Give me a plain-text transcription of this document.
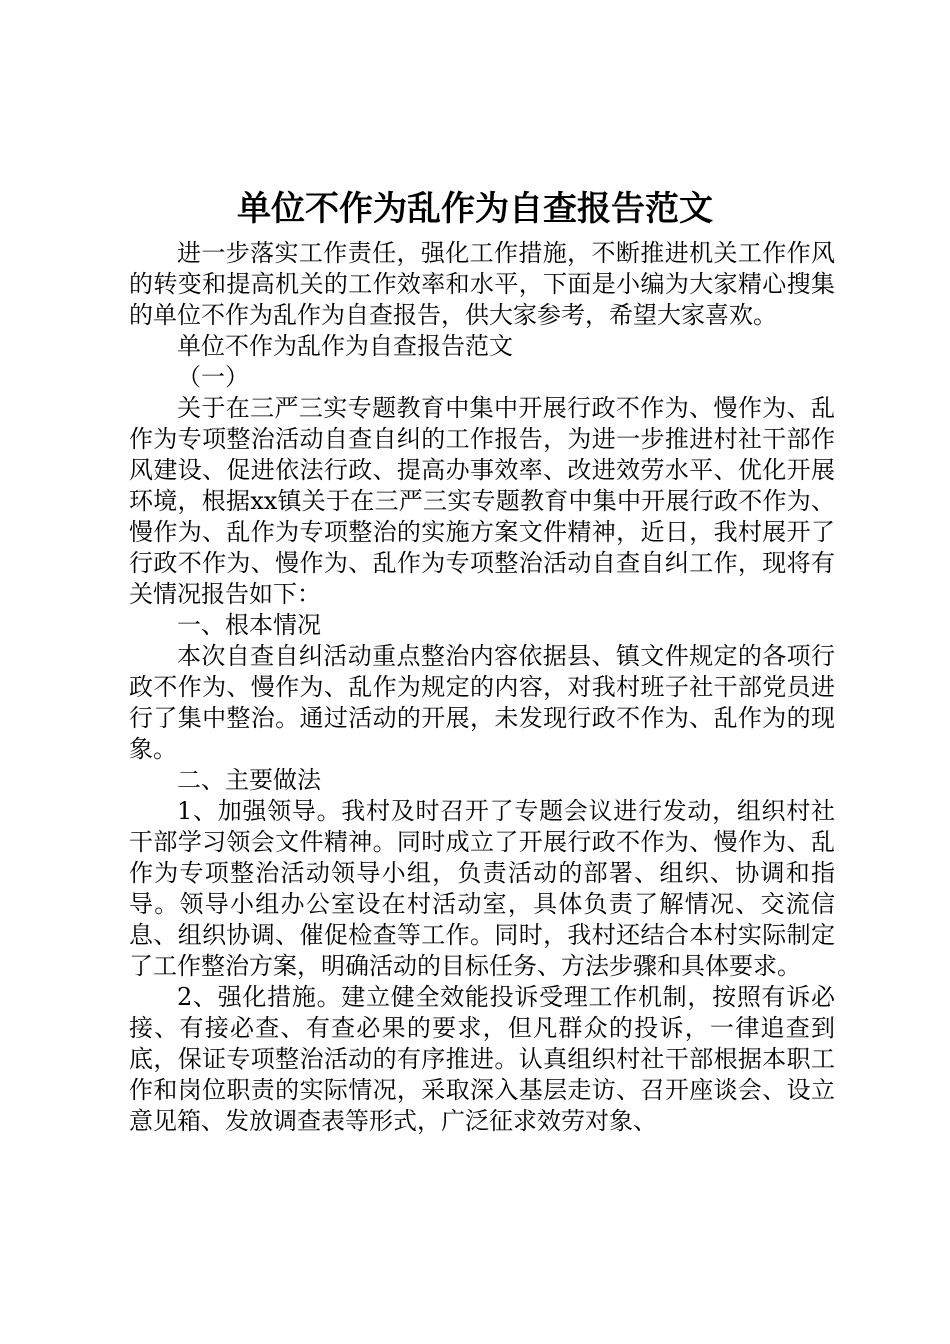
单位不作为乱作为自查报告范文

进一步落实工作责任，强化工作措施，不断推进机关工作作风的转变和提高机关的工作效率和水平，下面是小编为大家精心搜集的单位不作为乱作为自查报告，供大家参考，希望大家喜欢。

单位不作为乱作为自查报告范文

（一）

关于在三严三实专题教育中集中开展行政不作为、慢作为、乱作为专项整治活动自查自纠的工作报告，为进一步推进村社干部作风建设、促进依法行政、提高办事效率、改进效劳水平、优化开展环境，根据xx镇关于在三严三实专题教育中集中开展行政不作为、慢作为、乱作为专项整治的实施方案文件精神，近日，我村展开了行政不作为、慢作为、乱作为专项整治活动自查自纠工作，现将有关情况报告如下：

一、根本情况

本次自查自纠活动重点整治内容依据县、镇文件规定的各项行政不作为、慢作为、乱作为规定的内容，对我村班子社干部党员进行了集中整治。通过活动的开展，未发现行政不作为、乱作为的现象。

二、主要做法

1、加强领导。我村及时召开了专题会议进行发动，组织村社干部学习领会文件精神。同时成立了开展行政不作为、慢作为、乱作为专项整治活动领导小组，负责活动的部署、组织、协调和指导。领导小组办公室设在村活动室，具体负责了解情况、交流信息、组织协调、催促检查等工作。同时，我村还结合本村实际制定了工作整治方案，明确活动的目标任务、方法步骤和具体要求。

2、强化措施。建立健全效能投诉受理工作机制，按照有诉必接、有接必查、有查必果的要求，但凡群众的投诉，一律追查到底，保证专项整治活动的有序推进。认真组织村社干部根据本职工作和岗位职责的实际情况，采取深入基层走访、召开座谈会、设立意见箱、发放调查表等形式，广泛征求效劳对象、
